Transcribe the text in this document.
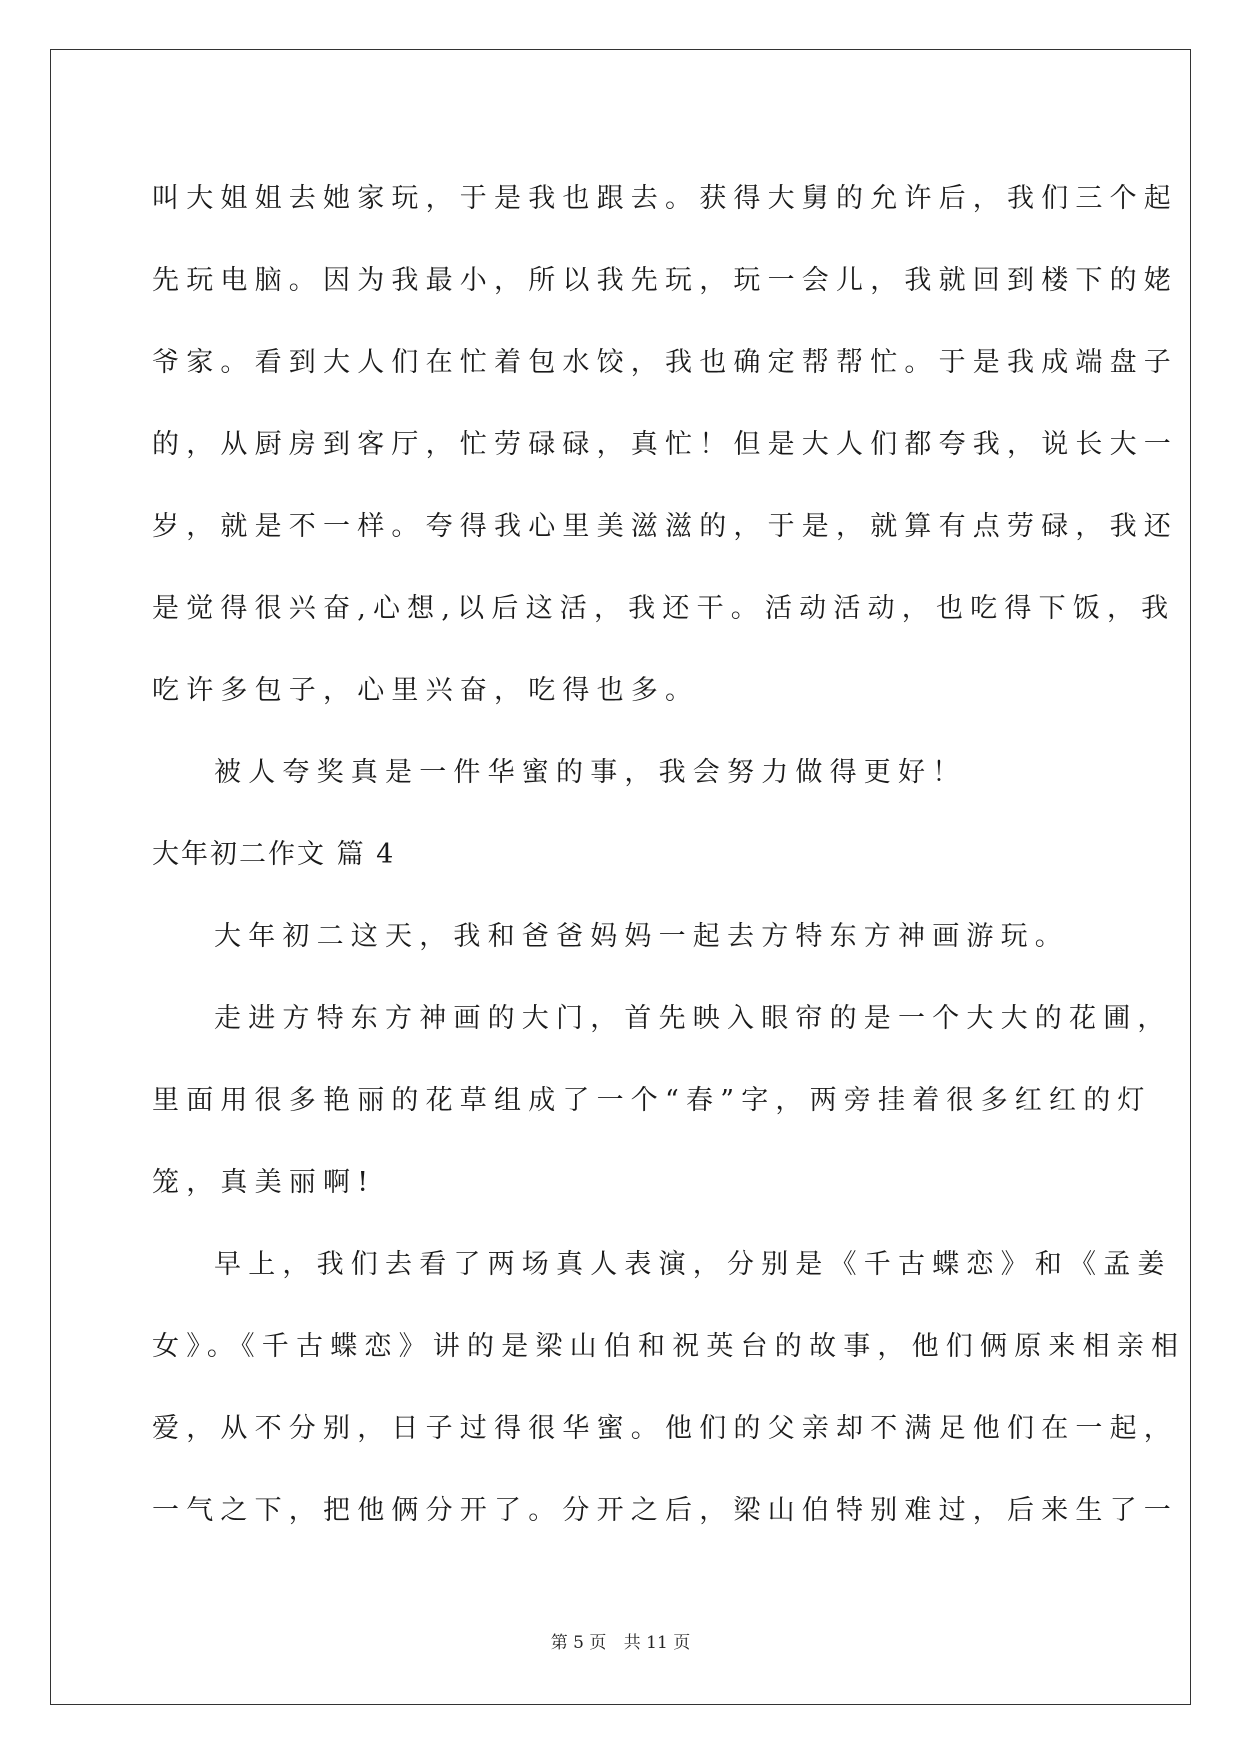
叫大姐姐去她家玩，于是我也跟去。获得大舅的允许后，我们三个起
先玩电脑。因为我最小，所以我先玩，玩一会儿，我就回到楼下的姥
爷家。看到大人们在忙着包水饺，我也确定帮帮忙。于是我成端盘子
的，从厨房到客厅，忙劳碌碌，真忙！但是大人们都夸我，说长大一
岁，就是不一样。夸得我心里美滋滋的，于是，就算有点劳碌，我还
是觉得很兴奋,心想,以后这活，我还干。活动活动，也吃得下饭，我
吃许多包子，心里兴奋，吃得也多。
被人夸奖真是一件华蜜的事，我会努力做得更好！
大年初二作文 篇 4
大年初二这天，我和爸爸妈妈一起去方特东方神画游玩。
走进方特东方神画的大门，首先映入眼帘的是一个大大的花圃，
里面用很多艳丽的花草组成了一个“春”字，两旁挂着很多红红的灯
笼，真美丽啊!
早上，我们去看了两场真人表演，分别是《千古蝶恋》和《孟姜
女》。《千古蝶恋》讲的是梁山伯和祝英台的故事，他们俩原来相亲相
爱，从不分别，日子过得很华蜜。他们的父亲却不满足他们在一起，
一气之下，把他俩分开了。分开之后，梁山伯特别难过，后来生了一
第 5 页 共 11 页
